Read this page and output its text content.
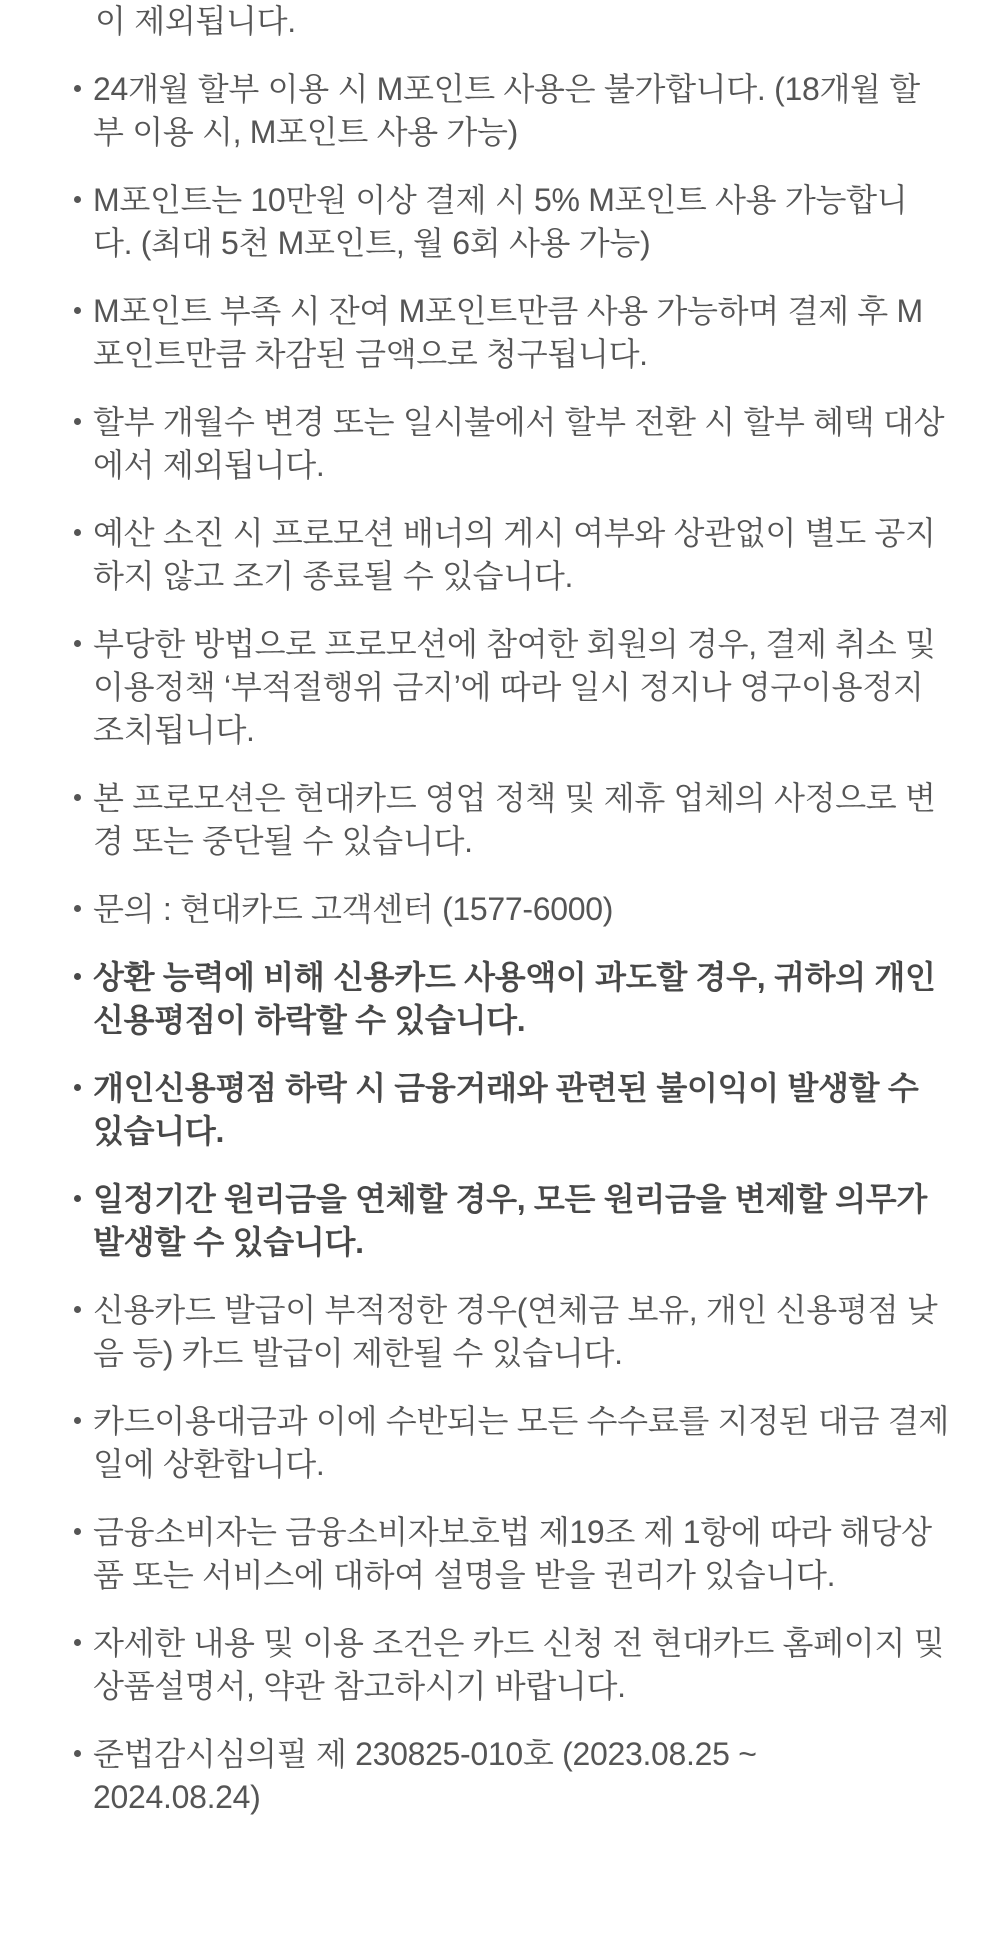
이 제외됩니다.
24개월 할부 이용 시 M포인트 사용은 불가합니다. (18개월 할
부 이용 시, M포인트 사용 가능)
M포인트는 10만원 이상 결제 시 5% M포인트 사용 가능합니
다. (최대 5천 M포인트, 월 6회 사용 가능)
M포인트 부족 시 잔여 M포인트만큼 사용 가능하며 결제 후 M
포인트만큼 차감된 금액으로 청구됩니다.
할부 개월수 변경 또는 일시불에서 할부 전환 시 할부 혜택 대상
에서 제외됩니다.
예산 소진 시 프로모션 배너의 게시 여부와 상관없이 별도 공지
하지 않고 조기 종료될 수 있습니다.
부당한 방법으로 프로모션에 참여한 회원의 경우, 결제 취소 및
이용정책 ‘부적절행위 금지’에 따라 일시 정지나 영구이용정지
조치됩니다.
본 프로모션은 현대카드 영업 정책 및 제휴 업체의 사정으로 변
경 또는 중단될 수 있습니다.
문의 : 현대카드 고객센터 (1577-6000)
상환 능력에 비해 신용카드 사용액이 과도할 경우, 귀하의 개인
신용평점이 하락할 수 있습니다.
개인신용평점 하락 시 금융거래와 관련된 불이익이 발생할 수
있습니다.
일정기간 원리금을 연체할 경우, 모든 원리금을 변제할 의무가
발생할 수 있습니다.
신용카드 발급이 부적정한 경우(연체금 보유, 개인 신용평점 낮
음 등) 카드 발급이 제한될 수 있습니다.
카드이용대금과 이에 수반되는 모든 수수료를 지정된 대금 결제
일에 상환합니다.
금융소비자는 금융소비자보호법 제19조 제 1항에 따라 해당상
품 또는 서비스에 대하여 설명을 받을 권리가 있습니다.
자세한 내용 및 이용 조건은 카드 신청 전 현대카드 홈페이지 및
상품설명서, 약관 참고하시기 바랍니다.
준법감시심의필 제 230825-010호 (2023.08.25 ~
2024.08.24)
